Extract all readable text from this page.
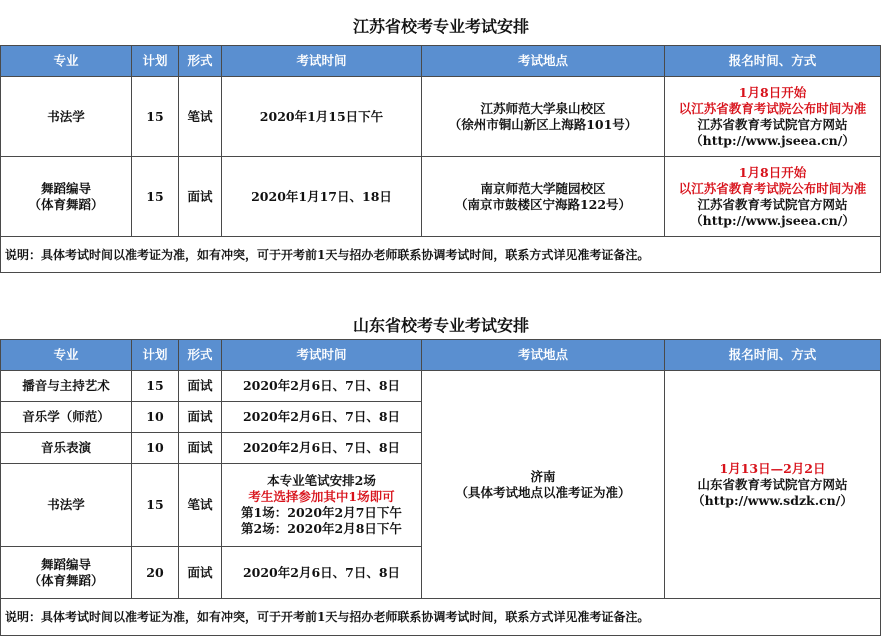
江苏省校考专业考试安排
专业	计划	形式	考试时间	考试地点	报名时间、方式
书法学	15	笔试	2020年1月15日下午	江苏师范大学泉山校区
（徐州市铜山新区上海路101号）	1月8日开始
以江苏省教育考试院公布时间为准
江苏省教育考试院官方网站
（http://www.jseea.cn/）

舞蹈编导
（体育舞蹈）	15	面试	2020年1月17日、18日	南京师范大学随园校区
（南京市鼓楼区宁海路122号）	1月8日开始
以江苏省教育考试院公布时间为准
江苏省教育考试院官方网站
（http://www.jseea.cn/）

说明：具体考试时间以准考证为准，如有冲突，可于开考前1天与招办老师联系协调考试时间，联系方式详见准考证备注。					
山东省校考专业考试安排
专业	计划	形式	考试时间	考试地点	报名时间、方式
播音与主持艺术	15	面试	2020年2月6日、7日、8日	济南
（具体考试地点以准考证为准）	1月13日—2月2日
山东省教育考试院官方网站
（http://www.sdzk.cn/）

音乐学（师范）	10	面试	2020年2月6日、7日、8日		
音乐表演	10	面试	2020年2月6日、7日、8日		
书法学	15	笔试	本专业笔试安排2场
考生选择参加其中1场即可
第1场：2020年2月7日下午
第2场：2020年2月8日下午		

舞蹈编导
（体育舞蹈）	20	面试	2020年2月6日、7日、8日		
说明：具体考试时间以准考证为准，如有冲突，可于开考前1天与招办老师联系协调考试时间，联系方式详见准考证备注。					
